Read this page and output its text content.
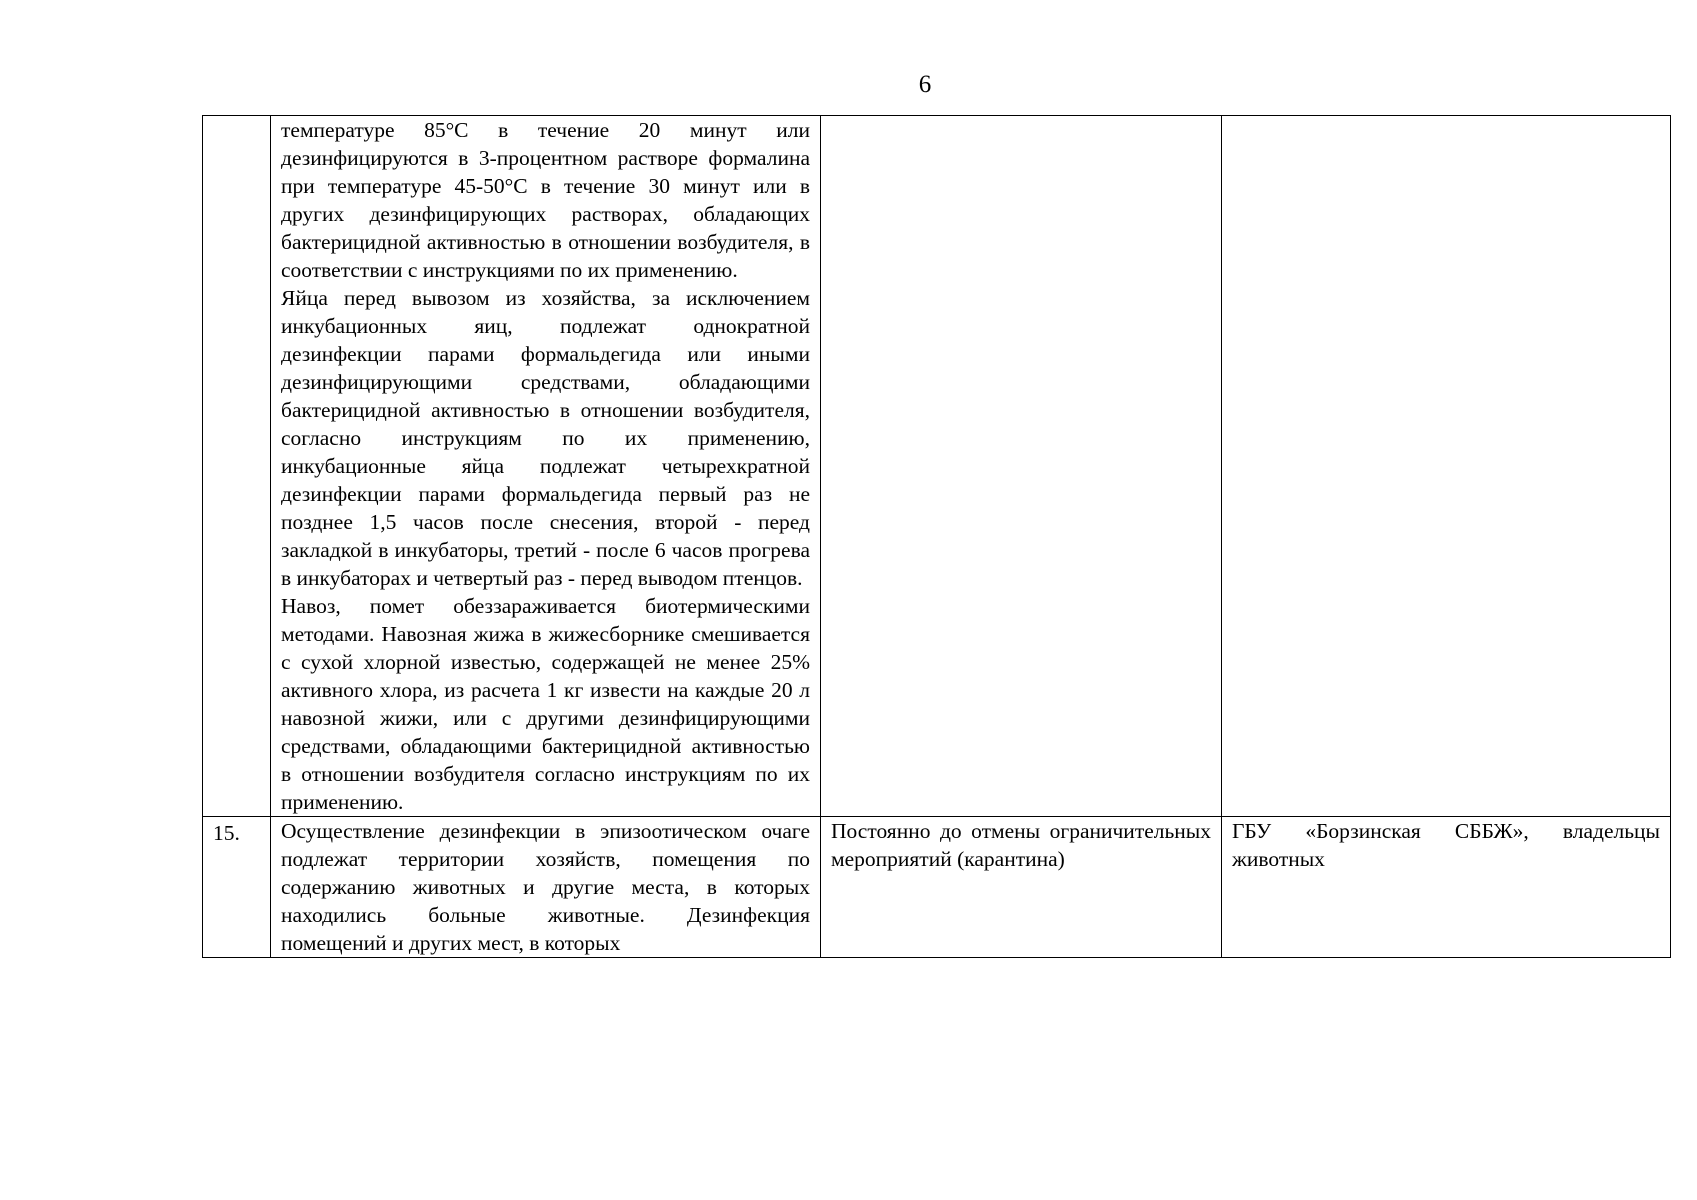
6

	температуре 85°C в течение 20 минут или дезинфицируются в 3-процентном растворе формалина при температуре 45-50°C в течение 30 минут или в других дезинфицирующих растворах, обладающих бактерицидной активностью в отношении возбудителя, в соответствии с инструкциями по их применению.
Яйца перед вывозом из хозяйства, за исключением инкубационных яиц, подлежат однократной дезинфекции парами формальдегида или иными дезинфицирующими средствами, обладающими бактерицидной активностью в отношении возбудителя, согласно инструкциям по их применению, инкубационные яйца подлежат четырехкратной дезинфекции парами формальдегида первый раз не позднее 1,5 часов после снесения, второй - перед закладкой в инкубаторы, третий - после 6 часов прогрева в инкубаторах и четвертый раз - перед выводом птенцов.
Навоз, помет обеззараживается биотермическими методами. Навозная жижа в жижесборнике смешивается с сухой хлорной известью, содержащей не менее 25% активного хлора, из расчета 1 кг извести на каждые 20 л навозной жижи, или с другими дезинфицирующими средствами, обладающими бактерицидной активностью в отношении возбудителя согласно инструкциям по их применению.		

15.	Осуществление дезинфекции в эпизоотическом очаге подлежат территории хозяйств, помещения по содержанию животных и другие места, в которых находились больные животные. Дезинфекция помещений и других мест, в которых	Постоянно до отмены ограничительных мероприятий (карантина)	ГБУ «Борзинская СББЖ», владельцы животных
